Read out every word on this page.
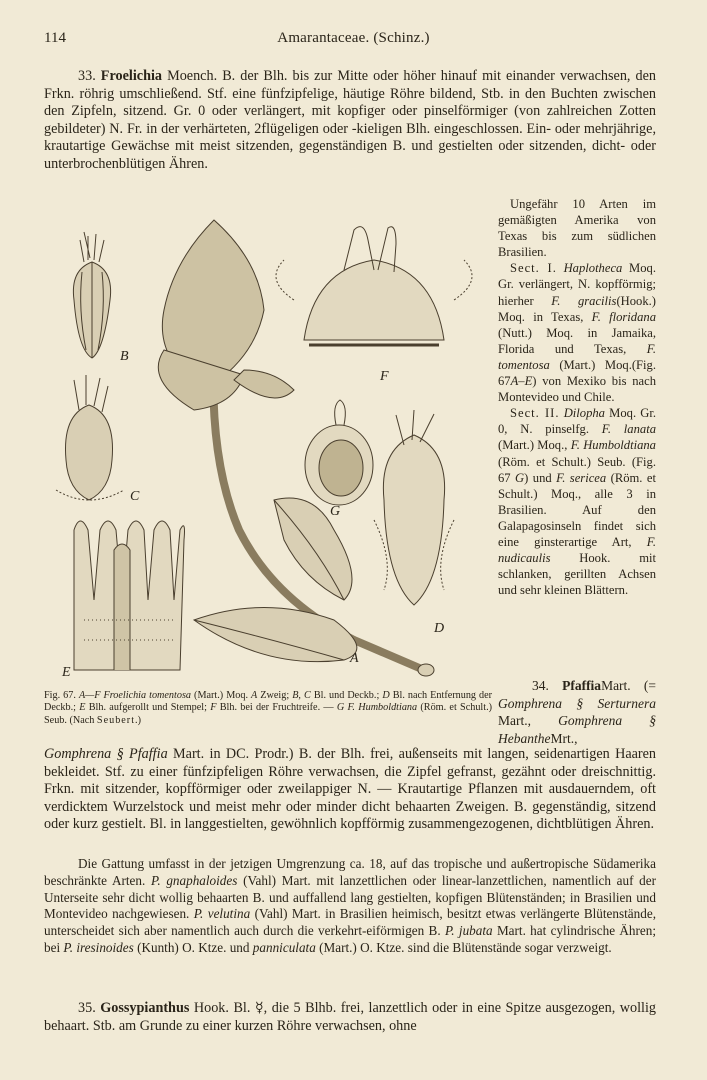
114	Amarantaceae. (Schinz.)
33. Froelichia Moench. B. der Blh. bis zur Mitte oder höher hinauf mit einander verwachsen, den Frkn. röhrig umschließend. Stf. eine fünfzipfelige, häutige Röhre bildend, Stb. in den Buchten zwischen den Zipfeln, sitzend. Gr. 0 oder verlängert, mit kopfiger oder pinselförmiger (von zahlreichen Zotten gebildeter) N. Fr. in der verhärteten, 2flügeligen oder -kieligen Blh. eingeschlossen. Ein- oder mehrjährige, krautartige Gewächse mit meist sitzenden, gegenständigen B. und gestielten oder sitzenden, dicht- oder unterbrochenblütigen Ähren.
B
C
F
G
D
E
A

Ungefähr 10 Arten im gemäßigten Amerika von Texas bis zum südlichen Brasilien.

Sect. I. Haplotheca Moq. Gr. verlängert, N. kopfförmig; hierher F. gracilis(Hook.) Moq. in Texas, F. floridana (Nutt.) Moq. in Jamaika, Florida und Texas, F. tomentosa (Mart.) Moq.(Fig. 67A–E) von Mexiko bis nach Montevideo und Chile.

Sect. II. Dilopha Moq. Gr. 0, N. pinselfg. F. lanata (Mart.) Moq., F. Humboldtiana (Röm. et Schult.) Seub. (Fig. 67 G) und F. sericea (Röm. et Schult.) Moq., alle 3 in Brasilien. Auf den Galapagosinseln findet sich eine ginsterartige Art, F. nudicaulis Hook. mit schlanken, gerillten Achsen und sehr kleinen Blättern.

Fig. 67. A—F Froelichia tomentosa (Mart.) Moq. A Zweig; B, C Bl. und Deckb.; D Bl. nach Entfernung der Deckb.; E Blh. aufgerollt und Stempel; F Blh. bei der Fruchtreife. — G F. Humboldtiana (Röm. et Schult.) Seub. (Nach Seubert.)

34. PfaffiaMart. (= Gomphrena § Serturnera Mart., Gomphrena § HebantheMrt.,

Gomphrena § Pfaffia Mart. in DC. Prodr.) B. der Blh. frei, außenseits mit langen, seidenartigen Haaren bekleidet. Stf. zu einer fünfzipfeligen Röhre verwachsen, die Zipfel gefranst, gezähnt oder dreischnittig. Frkn. mit sitzender, kopfförmiger oder zweilappiger N. — Krautartige Pflanzen mit ausdauerndem, oft verdicktem Wurzelstock und meist mehr oder minder dicht behaarten Zweigen. B. gegenständig, sitzend oder kurz gestielt. Bl. in langgestielten, gewöhnlich kopfförmig zusammengezogenen, dichtblütigen Ähren.
Die Gattung umfasst in der jetzigen Umgrenzung ca. 18, auf das tropische und außertropische Südamerika beschränkte Arten. P. gnaphaloides (Vahl) Mart. mit lanzettlichen oder linear-lanzettlichen, namentlich auf der Unterseite sehr dicht wollig behaarten B. und auffallend lang gestielten, kopfigen Blütenständen; in Brasilien und Montevideo nachgewiesen. P. velutina (Vahl) Mart. in Brasilien heimisch, besitzt etwas verlängerte Blütenstände, unterscheidet sich aber namentlich auch durch die verkehrt-eiförmigen B. P. jubata Mart. hat cylindrische Ähren; bei P. iresinoides (Kunth) O. Ktze. und panniculata (Mart.) O. Ktze. sind die Blütenstände sogar verzweigt.
35. Gossypianthus Hook. Bl. ☿, die 5 Blhb. frei, lanzettlich oder in eine Spitze ausgezogen, wollig behaart. Stb. am Grunde zu einer kurzen Röhre verwachsen, ohne
